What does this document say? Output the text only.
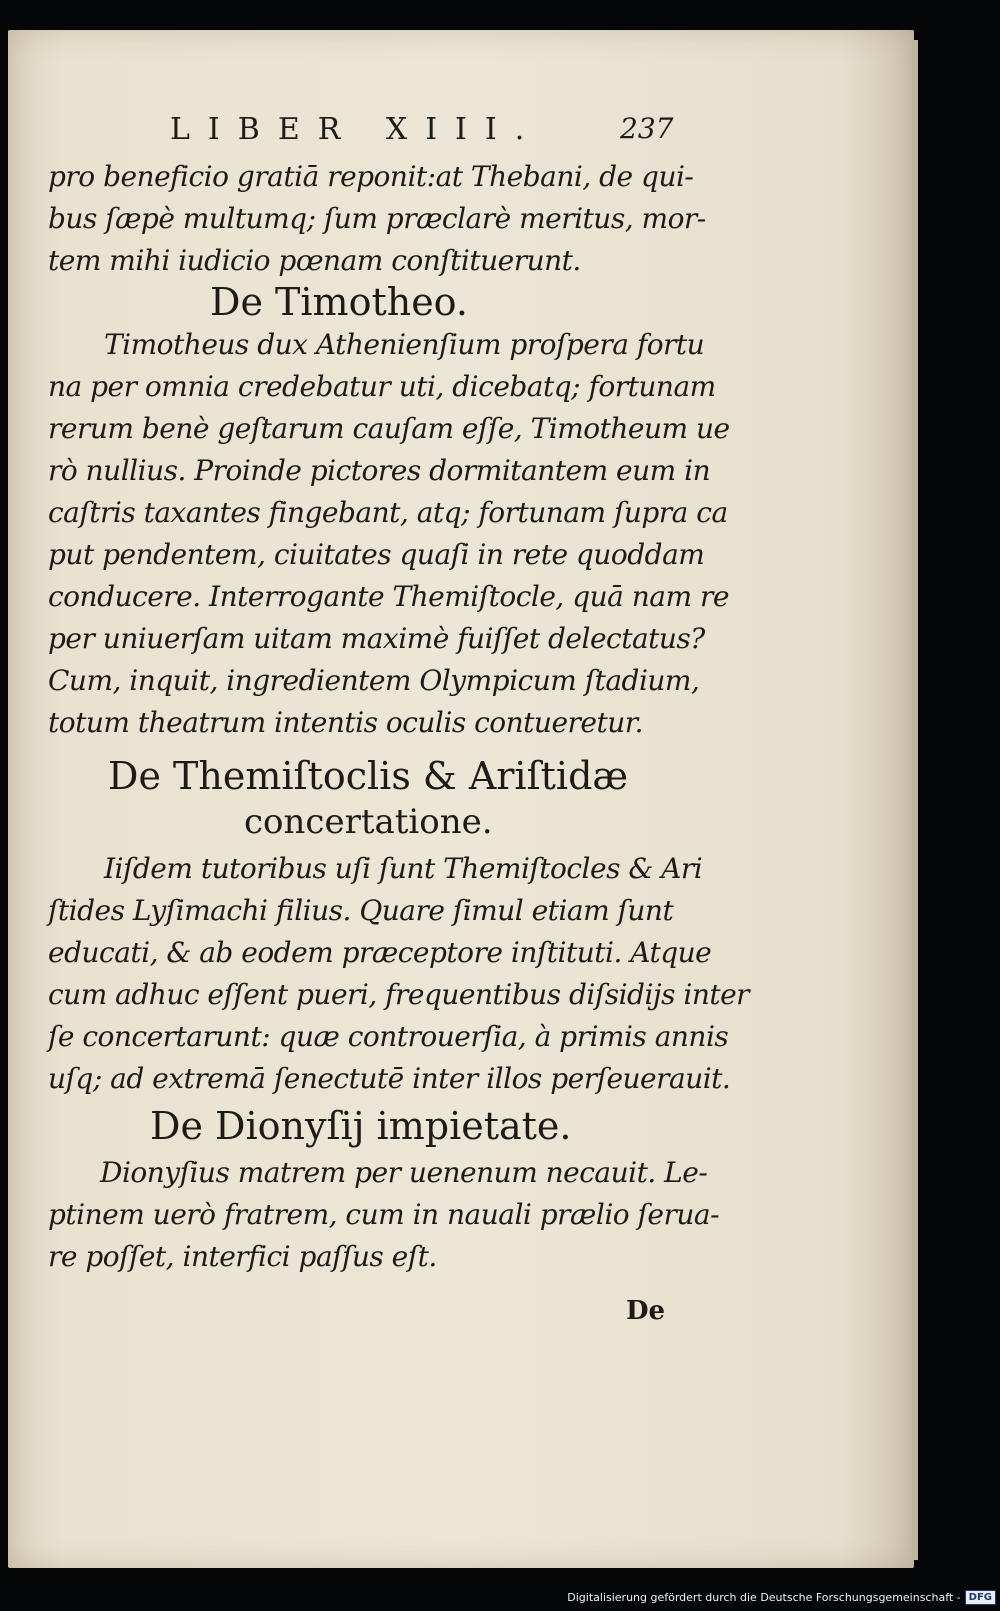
LIBER XIII.	237
pro beneficio gratiā reponit:at Thebani, de qui-
bus ſæpè multumq; ſum præclarè meritus, mor-
tem mihi iudicio pœnam conſtituerunt.
De Timotheo.
Timotheus dux Athenienſium proſpera fortu
na per omnia credebatur uti, dicebatq; fortunam
rerum benè geſtarum cauſam eſſe, Timotheum ue
rò nullius. Proinde pictores dormitantem eum in
caſtris taxantes fingebant, atq; fortunam ſupra ca
put pendentem, ciuitates quaſi in rete quoddam
conducere. Interrogante Themiſtocle, quā nam re
per uniuerſam uitam maximè fuiſſet delectatus?
Cum, inquit, ingredientem Olympicum ſtadium,
totum theatrum intentis oculis contueretur.
De Themiſtoclis & Ariſtidæ
concertatione.
Iiſdem tutoribus uſi ſunt Themiſtocles & Ari
ſtides Lyſimachi filius. Quare ſimul etiam ſunt
educati, & ab eodem præceptore inſtituti. Atque
cum adhuc eſſent pueri, frequentibus diſsidijs inter
ſe concertarunt: quæ controuerſia, à primis annis
uſq; ad extremā ſenectutē inter illos perſeuerauit.
De Dionyſij impietate.
Dionyſius matrem per uenenum necauit. Le-
ptinem uerò fratrem, cum in nauali prælio ſerua-
re poſſet, interfici paſſus eſt.
De
Digitalisierung gefördert durch die Deutsche Forschungsgemeinschaft - DFG
